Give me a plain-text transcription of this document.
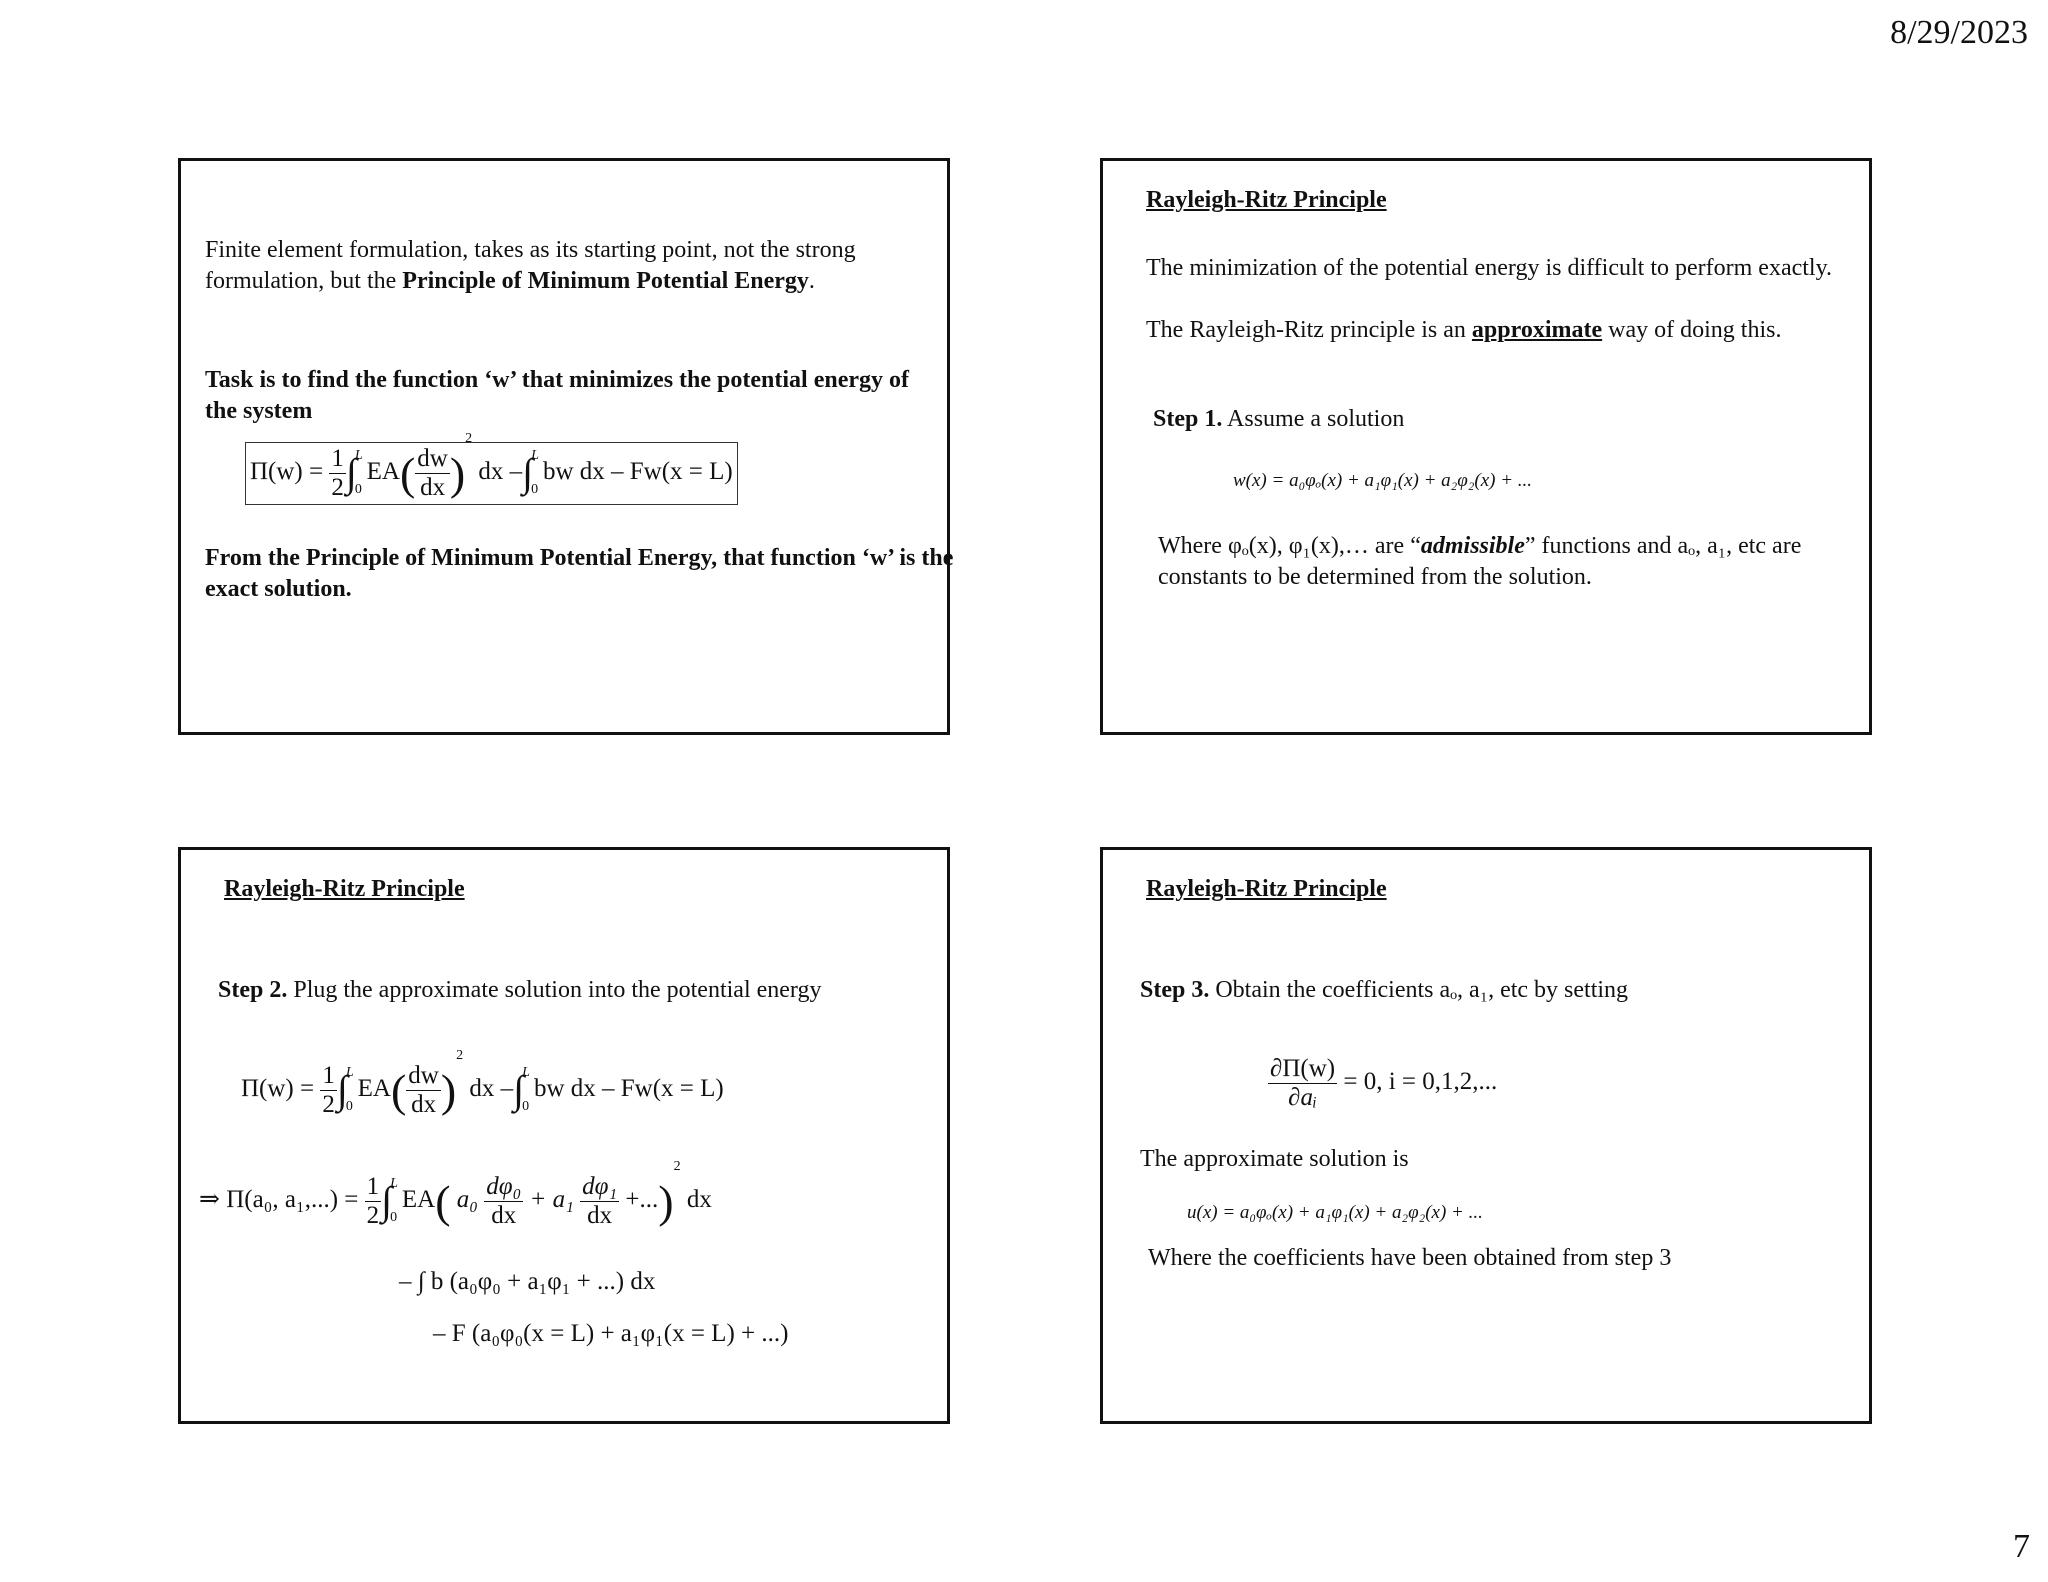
8/29/2023
Finite element formulation, takes as its starting point, not the strong formulation, but the Principle of Minimum Potential Energy.
Task is to find the function ‘w’ that minimizes the potential energy of the system
$\Pi(w) = \frac{1}{2}$ ∫
L
0
$EA( \frac{dw}{dx} )^2$ dx –∫
L
0
bw dx – Fw(x = L)
From the Principle of Minimum Potential Energy, that function ‘w’ is the exact solution.
Rayleigh-Ritz Principle
The minimization of the potential energy is difficult to perform exactly.
The Rayleigh-Ritz principle is an approximate way of doing this.
Step 1. Assume a solution
w(x) = a₀φₒ(x) + a₁φ₁(x) + a₂φ₂(x) + ...
Where φₒ(x), φ₁(x),… are “admissible” functions and aₒ, a₁, etc are constants to be determined from the solution.
Rayleigh-Ritz Principle
Step 2. Plug the approximate solution into the potential energy
$\Pi(w) = \frac{1}{2}$ ∫
L
0
$EA( \frac{dw}{dx} )^2$ dx –∫
L
0
bw dx – Fw(x = L)
⇒ Π(a₀, $a_1,...) = \frac{1}{2}$ ∫
L
0
EA( $a_0 \frac{\text{dφ₀}}{dx} + a_1 \frac{\text{dφ₁}}{dx} +...)^2$ dx
– ∫ b (a₀φ₀ + a₁φ₁ + ...) dx
– F (a₀φ₀(x = L) + a₁φ₁(x = L) + ...)
Rayleigh-Ritz Principle
Step 3. Obtain the coefficients aₒ, a₁, etc by setting
$\frac{\partial\Pi(w)}{\text{∂aᵢ}} = 0$, i = 0,1,2,...
The approximate solution is
u(x) = a₀φₒ(x) + a₁φ₁(x) + a₂φ₂(x) + ...
Where the coefficients have been obtained from step 3
7
